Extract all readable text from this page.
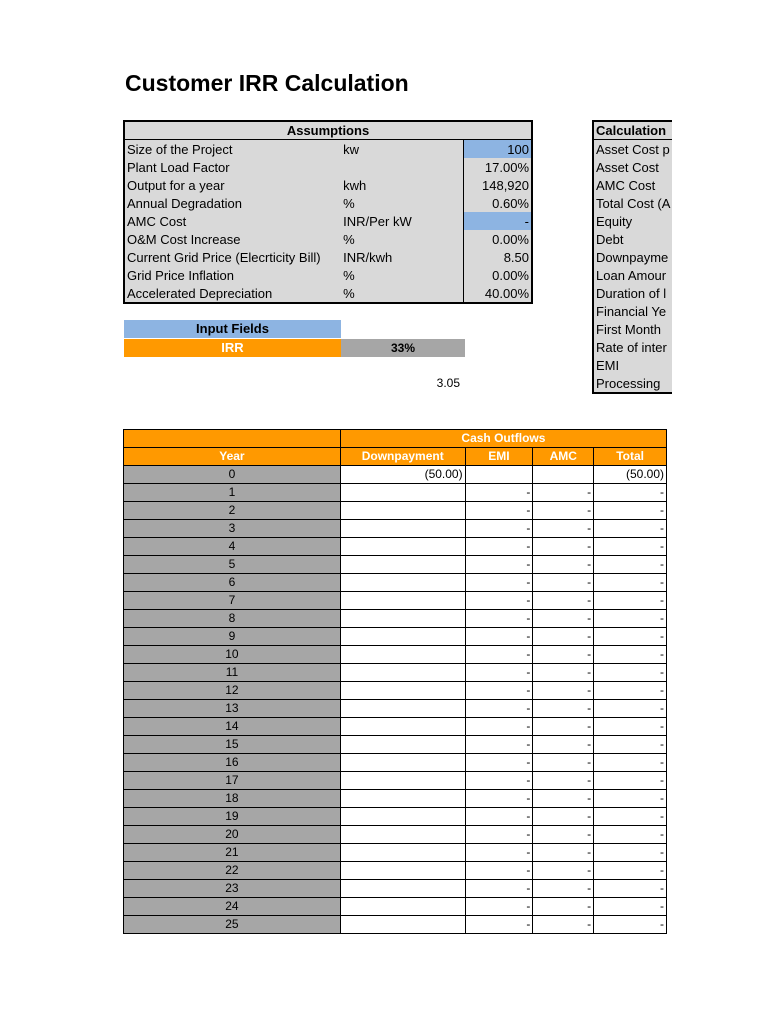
Customer IRR Calculation
Assumptions		
Size of the Project	kw	100
Plant Load Factor		17.00%
Output for a year	kwh	148,920
Annual Degradation	%	0.60%
AMC Cost	INR/Per kW	-
O&M Cost Increase	%	0.00%
Current Grid Price (Elecrticity Bill)	INR/kwh	8.50
Grid Price Inflation	%	0.00%
Accelerated Depreciation	%	40.00%
Calculation
Asset Cost p
Asset Cost
AMC Cost
Total Cost (A
Equity
Debt
Downpayme
Loan Amour
Duration of l
Financial Ye
First Month
Rate of inter
EMI
Processing
Input Fields
IRR	33%
3.05
	Cash Outflows			
Year	Downpayment	EMI	AMC	Total
0	(50.00)			(50.00)
1		-	-	-
2		-	-	-
3		-	-	-
4		-	-	-
5		-	-	-
6		-	-	-
7		-	-	-
8		-	-	-
9		-	-	-
10		-	-	-
11		-	-	-
12		-	-	-
13		-	-	-
14		-	-	-
15		-	-	-
16		-	-	-
17		-	-	-
18		-	-	-
19		-	-	-
20		-	-	-
21		-	-	-
22		-	-	-
23		-	-	-
24		-	-	-
25		-	-	-
